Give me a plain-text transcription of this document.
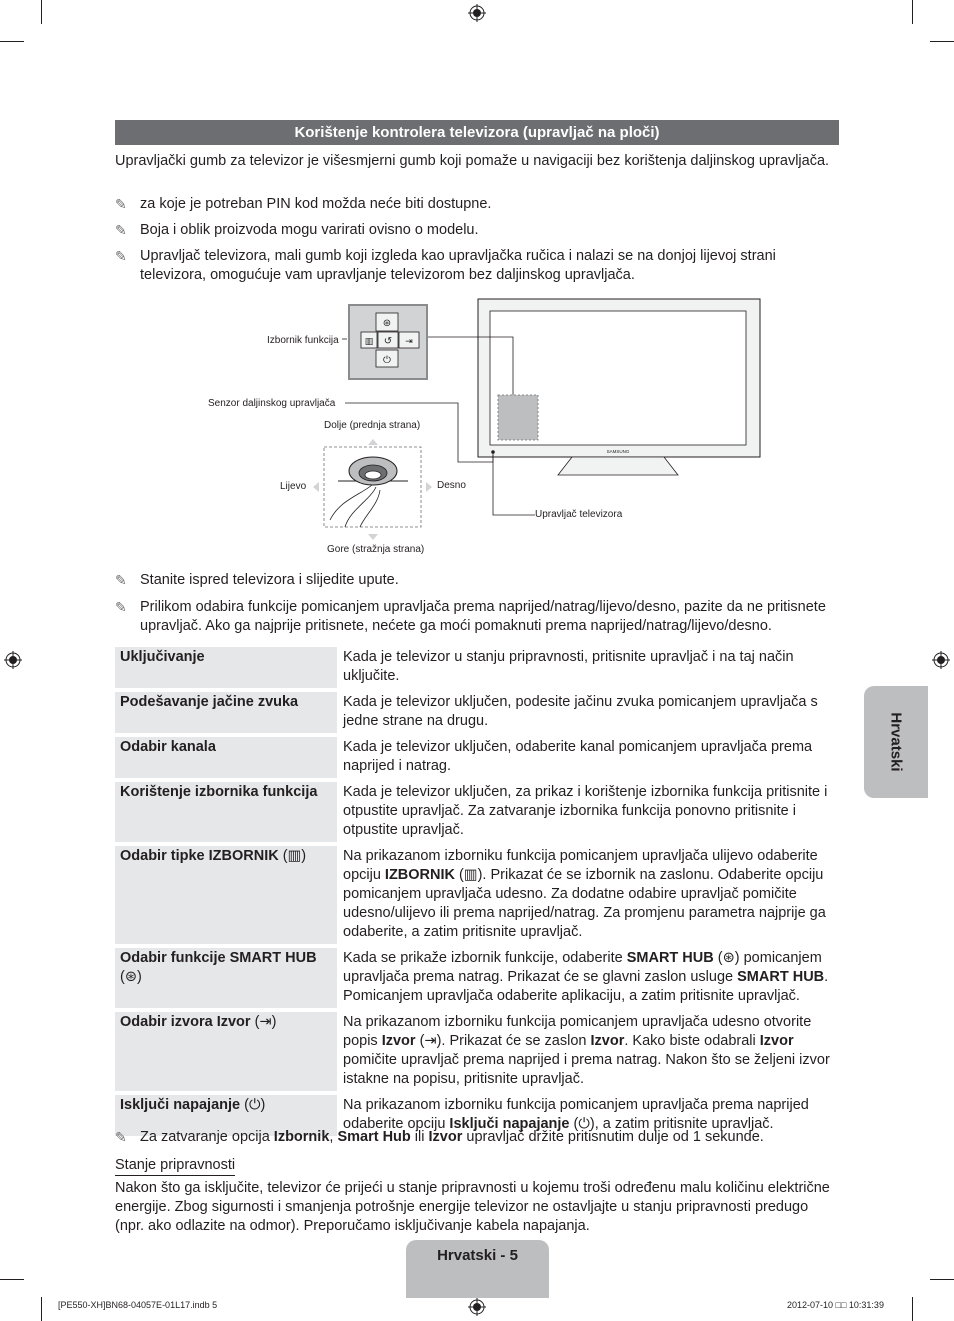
Korištenje kontrolera televizora (upravljač na ploči)
Upravljački gumb za televizor je višesmjerni gumb koji pomaže u navigaciji bez korištenja daljinskog upravljača.
✎ za koje je potreban PIN kod možda neće biti dostupne.
✎ Boja i oblik proizvoda mogu varirati ovisno o modelu.
✎ Upravljač televizora, mali gumb koji izgleda kao upravljačka ručica i nalazi se na donjoj lijevoj strani televizora, omogućuje vam upravljanje televizorom bez daljinskog upravljača.
⊛
▥ ↺ ⇥
⏻
SAMSUNG
Izbornik funkcija
Senzor daljinskog upravljača
Dolje (prednja strana)
Lijevo	Desno
Gore (stražnja strana)
Upravljač televizora
✎ Stanite ispred televizora i slijedite upute.
✎ Prilikom odabira funkcije pomicanjem upravljača prema naprijed/natrag/lijevo/desno, pazite da ne pritisnete upravljač. Ako ga najprije pritisnete, nećete ga moći pomaknuti prema naprijed/natrag/lijevo/desno.
Uključivanje	Kada je televizor u stanju pripravnosti, pritisnite upravljač i na taj način uključite.
Podešavanje jačine zvuka	Kada je televizor uključen, podesite jačinu zvuka pomicanjem upravljača s jedne strane na drugu.
Odabir kanala	Kada je televizor uključen, odaberite kanal pomicanjem upravljača prema naprijed i natrag.
Korištenje izbornika funkcija	Kada je televizor uključen, za prikaz i korištenje izbornika funkcija pritisnite i otpustite upravljač. Za zatvaranje izbornika funkcija ponovno pritisnite i otpustite upravljač.
Odabir tipke IZBORNIK (▥)	Na prikazanom izborniku funkcija pomicanjem upravljača ulijevo odaberite opciju IZBORNIK (▥). Prikazat će se izbornik na zaslonu. Odaberite opciju pomicanjem upravljača udesno. Za dodatne odabire upravljač pomičite udesno/ulijevo ili prema naprijed/natrag. Za promjenu parametra najprije ga odaberite, a zatim pritisnite upravljač.
Odabir funkcije SMART HUB (⊛)	Kada se prikaže izbornik funkcije, odaberite SMART HUB (⊛) pomicanjem upravljača prema natrag. Prikazat će se glavni zaslon usluge SMART HUB. Pomicanjem upravljača odaberite aplikaciju, a zatim pritisnite upravljač.
Odabir izvora Izvor (⇥)	Na prikazanom izborniku funkcija pomicanjem upravljača udesno otvorite popis Izvor (⇥). Prikazat će se zaslon Izvor. Kako biste odabrali Izvor pomičite upravljač prema naprijed i prema natrag. Nakon što se željeni izvor istakne na popisu, pritisnite upravljač.
Isključi napajanje (⏻)	Na prikazanom izborniku funkcija pomicanjem upravljača prema naprijed odaberite opciju Isključi napajanje (⏻), a zatim pritisnite upravljač.
✎ Za zatvaranje opcija Izbornik, Smart Hub ili Izvor upravljač držite pritisnutim dulje od 1 sekunde.
Stanje pripravnosti
Nakon što ga isključite, televizor će prijeći u stanje pripravnosti u kojemu troši određenu malu količinu električne energije. Zbog sigurnosti i smanjenja potrošnje energije televizor ne ostavljajte u stanju pripravnosti predugo (npr. ako odlazite na odmor). Preporučamo isključivanje kabela napajanja.
Hrvatski
Hrvatski - 5
[PE550-XH]BN68-04057E-01L17.indb 5	2012-07-10 □□ 10:31:39
